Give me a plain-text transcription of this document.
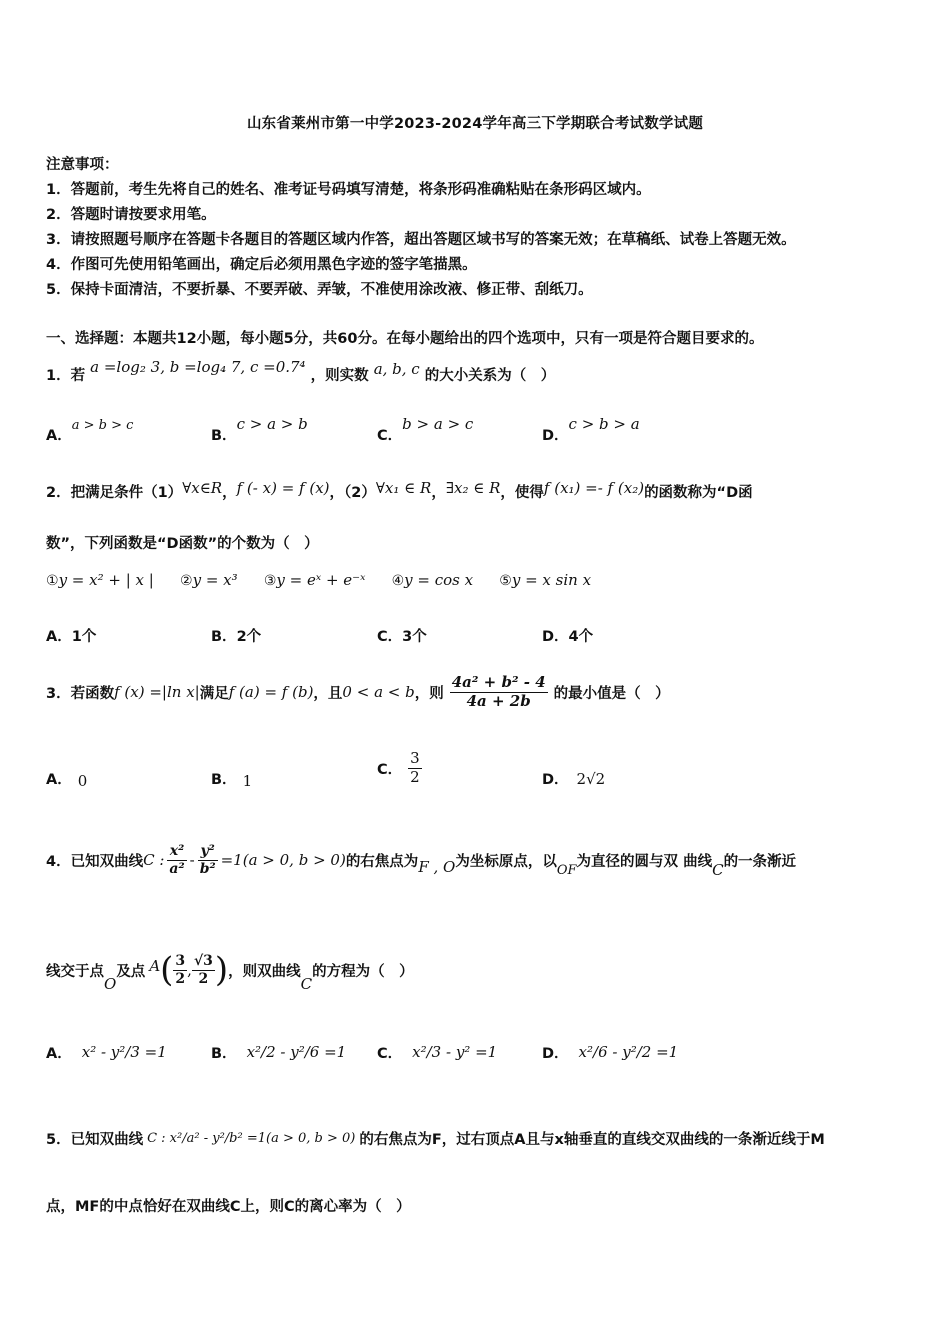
山东省莱州市第一中学2023-2024学年高三下学期联合考试数学试题
注意事项：
1．答题前，考生先将自己的姓名、准考证号码填写清楚，将条形码准确粘贴在条形码区域内。
2．答题时请按要求用笔。
3．请按照题号顺序在答题卡各题目的答题区域内作答，超出答题区域书写的答案无效；在草稿纸、试卷上答题无效。
4．作图可先使用铅笔画出，确定后必须用黑色字迹的签字笔描黑。
5．保持卡面清洁，不要折暴、不要弄破、弄皱，不准使用涂改液、修正带、刮纸刀。
一、选择题：本题共12小题，每小题5分，共60分。在每小题给出的四个选项中，只有一项是符合题目要求的。
1．若 a =log₂ 3, b =log₄ 7, c =0.7⁴ ，则实数 a, b, c 的大小关系为（　）
A．a > b > c
B．c > a > b
C．b > a > c
D．c > b > a
2．把满足条件（1）∀x∈R，f (- x) = f (x)，（2）∀x₁ ∈ R，∃x₂ ∈ R，使得f (x₁) =- f (x₂)的函数称为“D函
数”，下列函数是“D函数”的个数为（　）
①y = x² + | x | ②y = x³ ③y = eˣ + e⁻ˣ ④y = cos x ⑤y = x sin x
A．1个	B．2个	C．3个	D．4个
3．若函数 f (x) =|ln x| 满足 f (a) = f (b) ，且 0 < a < b ，则 $\frac{\text{4a² + b² - 4}}{4a + 2b}$ 的最小值是（　）
A． 0	B． 1
C． $\frac{3}{2}$	D． 2√2
4．已知双曲线 C : $\frac{\text{x²}}{\text{a²}} - \frac{\text{y²}}{\text{b²}} =1(a > 0$, b > 0) 的右焦点为 F , O 为坐标原点，以
OF
为直径的圆与双 曲线 C 的一条渐近
线交于点
O
及点 A ( $\frac{3}{2}$ , $\frac{√3}{2}$ ) ，则双曲线
C
的方程为（　）
A． x² - y²/3 =1	B． x²/2 - y²/6 =1 C． x²/3 - y² =1	D． x²/6 - y²/2 =1
5．已知双曲线 C : x²/a² - y²/b² =1(a > 0, b > 0) 的右焦点为F，过右顶点A且与x轴垂直的直线交双曲线的一条渐近线于M
点，MF的中点恰好在双曲线C上，则C的离心率为（　）
